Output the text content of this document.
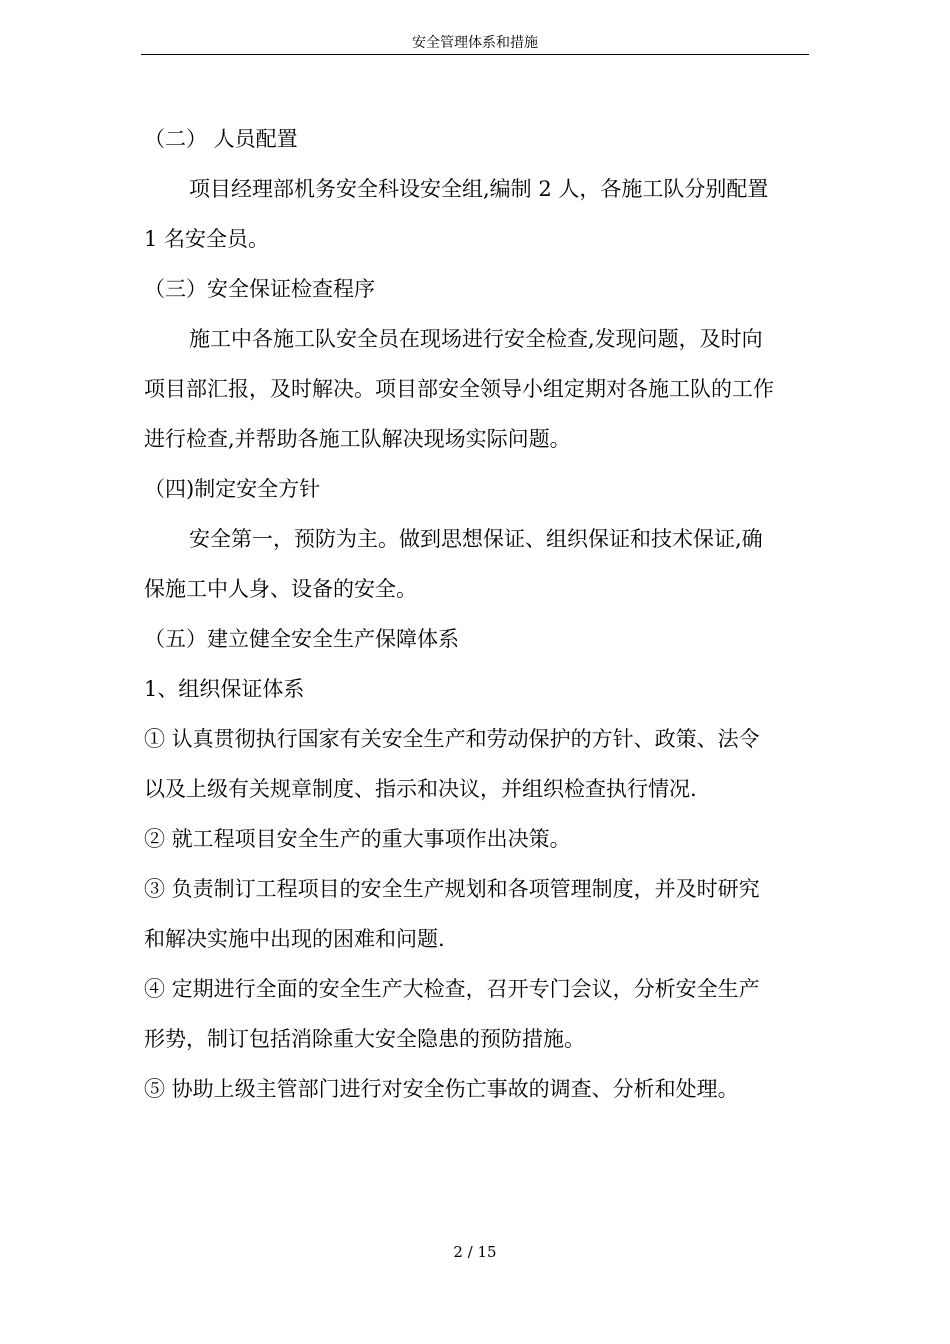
安全管理体系和措施
（二） 人员配置
项目经理部机务安全科设安全组,编制 2 人，各施工队分别配置
1 名安全员。
（三）安全保证检查程序
施工中各施工队安全员在现场进行安全检查,发现问题，及时向
项目部汇报，及时解决。项目部安全领导小组定期对各施工队的工作
进行检查,并帮助各施工队解决现场实际问题。
（四)制定安全方针
安全第一，预防为主。做到思想保证、组织保证和技术保证,确
保施工中人身、设备的安全。
（五）建立健全安全生产保障体系
1、组织保证体系
① 认真贯彻执行国家有关安全生产和劳动保护的方针、政策、法令
以及上级有关规章制度、指示和决议，并组织检查执行情况.
② 就工程项目安全生产的重大事项作出决策。
③ 负责制订工程项目的安全生产规划和各项管理制度，并及时研究
和解决实施中出现的困难和问题.
④ 定期进行全面的安全生产大检查，召开专门会议，分析安全生产
形势，制订包括消除重大安全隐患的预防措施。
⑤ 协助上级主管部门进行对安全伤亡事故的调查、分析和处理。
2 / 15
